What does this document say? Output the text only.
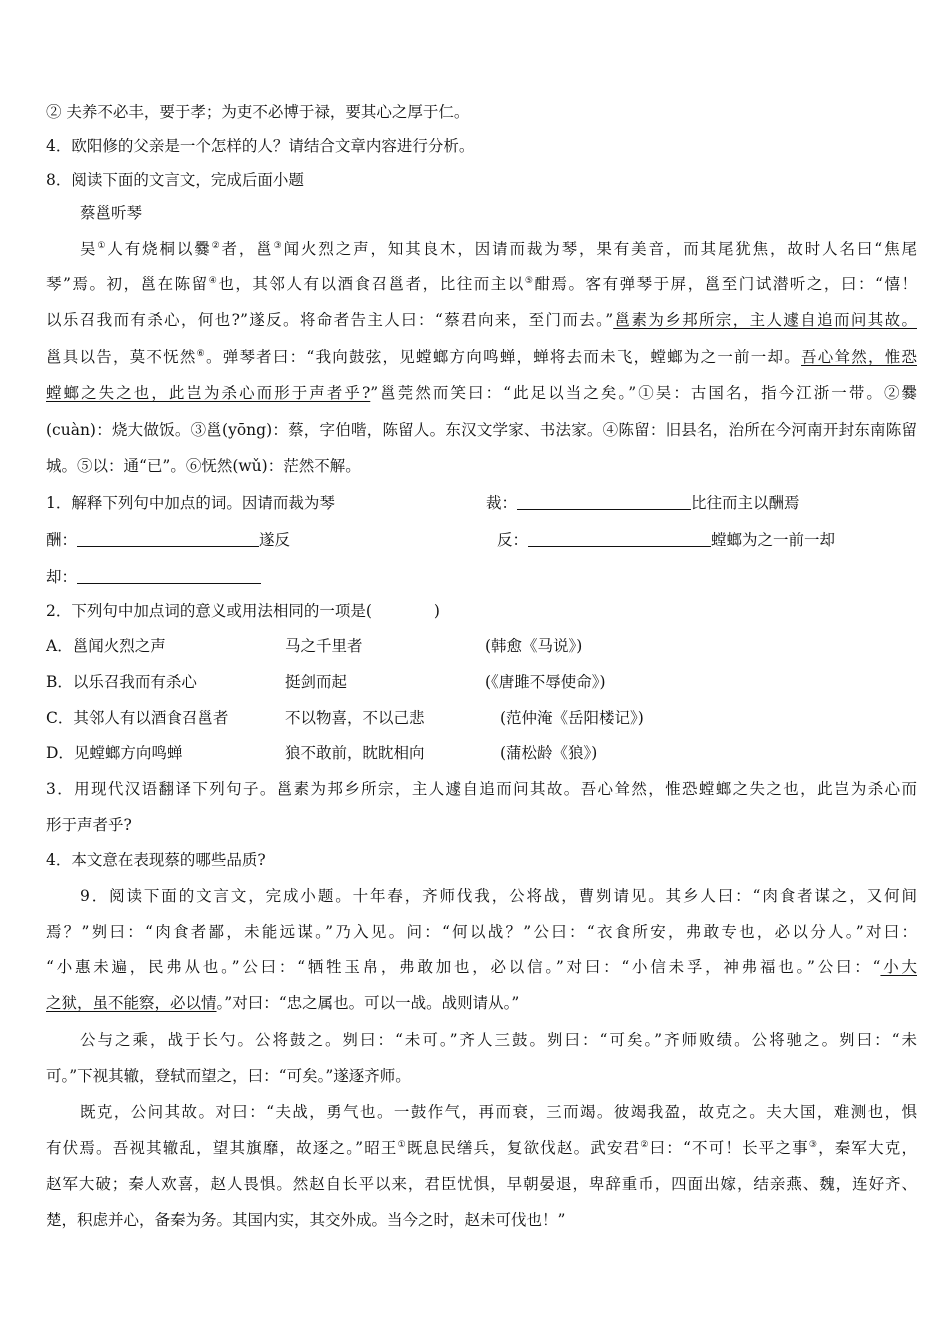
② 夫养不必丰，要于孝；为吏不必博于禄，要其心之厚于仁。
4．欧阳修的父亲是一个怎样的人？请结合文章内容进行分析。
8．阅读下面的文言文，完成后面小题
蔡邕听琴
吴①人有烧桐以爨②者，邕③闻火烈之声，知其良木，因请而裁为琴，果有美音，而其尾犹焦，故时人名曰“焦尾
琴”焉。初，邕在陈留④也，其邻人有以酒食召邕者，比往而主以⑤酣焉。客有弹琴于屏，邕至门试潜听之，曰：“憘！
以乐召我而有杀心，何也?”遂反。将命者告主人曰：“蔡君向来，至门而去。”邕素为乡邦所宗，主人遽自追而问其故。
邕具以告，莫不怃然⑥。弹琴者曰：“我向鼓弦，见螳螂方向鸣蝉，蝉将去而未飞，螳螂为之一前一却。吾心耸然，惟恐
螳螂之失之也，此岂为杀心而形于声者乎?”邕莞然而笑曰：“此足以当之矣。”①吴：古国名，指今江浙一带。②爨
(cuàn)：烧大做饭。③邕(yōng)：蔡，字伯喈，陈留人。东汉文学家、书法家。④陈留：旧县名，治所在今河南开封东南陈留
城。⑤以：通“已”。⑥怃然(wǔ)：茫然不解。
2．下列句中加点词的意义或用法相同的一项是(　　　　)
3．用现代汉语翻译下列句子。邕素为邦乡所宗，主人遽自追而问其故。吾心耸然，惟恐螳螂之失之也，此岂为杀心而
形于声者乎?
4．本文意在表现蔡的哪些品质?
9．阅读下面的文言文，完成小题。十年春，齐师伐我，公将战，曹刿请见。其乡人曰：“肉食者谋之，又何间
焉？”刿曰：“肉食者鄙，未能远谋。”乃入见。问：“何以战？”公曰：“衣食所安，弗敢专也，必以分人。”对曰：
“小惠未遍，民弗从也。”公曰：“牺牲玉帛，弗敢加也，必以信。”对曰：“小信未孚，神弗福也。”公曰：“小大
之狱，虽不能察，必以情。”对曰：“忠之属也。可以一战。战则请从。”
公与之乘，战于长勺。公将鼓之。刿曰：“未可。”齐人三鼓。刿曰：“可矣。”齐师败绩。公将驰之。刿曰：“未
可。”下视其辙，登轼而望之，曰：“可矣。”遂逐齐师。
既克，公问其故。对曰：“夫战，勇气也。一鼓作气，再而衰，三而竭。彼竭我盈，故克之。夫大国，难测也，惧
有伏焉。吾视其辙乱，望其旗靡，故逐之。”昭王①既息民缮兵，复欲伐赵。武安君②曰：“不可！长平之事③，秦军大克，
赵军大破；秦人欢喜，赵人畏惧。然赵自长平以来，君臣忧惧，早朝晏退，卑辞重币，四面出嫁，结亲燕、魏，连好齐、
楚，积虑并心，备秦为务。其国内实，其交外成。当今之时，赵未可伐也！”
1．解释下列句中加点的词。因请而裁为琴	裁：	比往而主以酬焉
酬：	遂反	反：	螳螂为之一前一却
却：
A．邕闻火烈之声	马之千里者	(韩愈《马说》)
B．以乐召我而有杀心	挺剑而起	(《唐雎不辱使命》)
C．其邻人有以酒食召邕者	不以物喜，不以己悲	(范仲淹《岳阳楼记》)
D．见螳螂方向鸣蝉	狼不敢前，眈眈相向	(蒲松龄《狼》)
